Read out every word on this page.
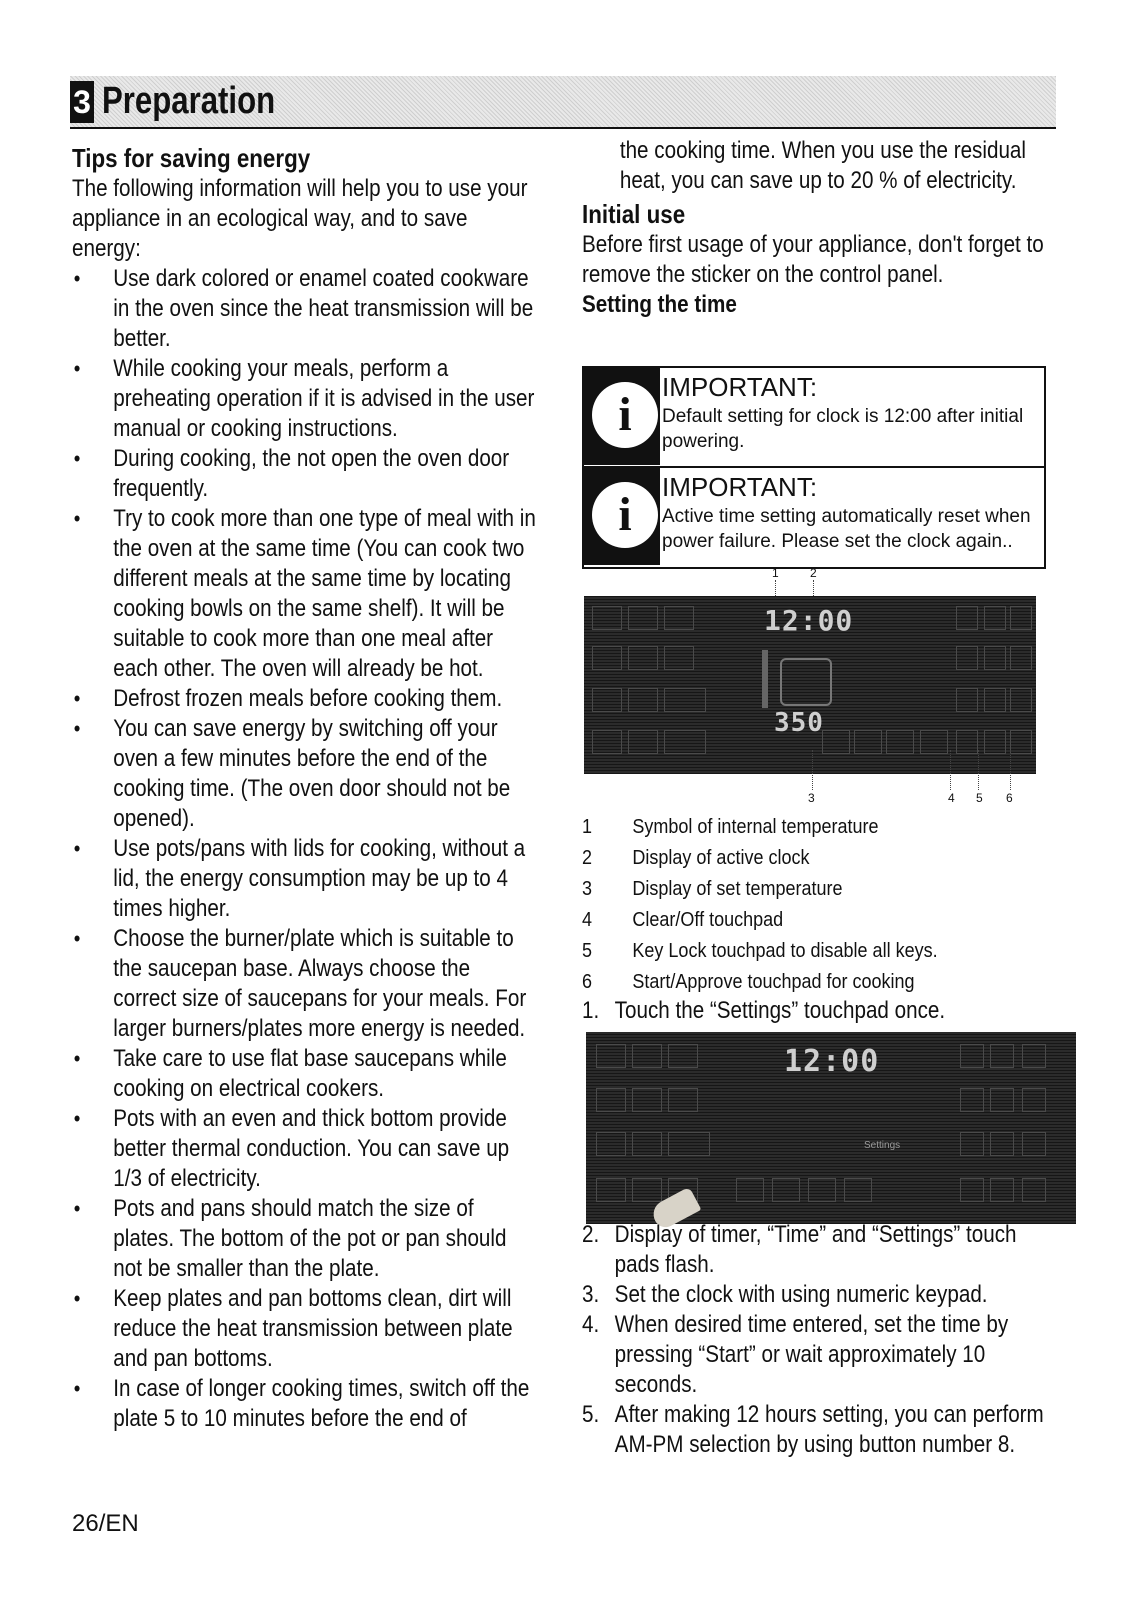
3 Preparation
Tips for saving energy

The following information will help you to use your appliance in an ecological way, and to save energy:

• Use dark colored or enamel coated cookware in the oven since the heat transmission will be better.
• While cooking your meals, perform a preheating operation if it is advised in the user manual or cooking instructions.
• During cooking, the not open the oven door frequently.
• Try to cook more than one type of meal with in the oven at the same time (You can cook two different meals at the same time by locating cooking bowls on the same shelf). It will be suitable to cook more than one meal after each other. The oven will already be hot.
• Defrost frozen meals before cooking them.
• You can save energy by switching off your oven a few minutes before the end of the cooking time. (The oven door should not be opened).
• Use pots/pans with lids for cooking, without a lid, the energy consumption may be up to 4 times higher.
• Choose the burner/plate which is suitable to the saucepan base. Always choose the correct size of saucepans for your meals. For larger burners/plates more energy is needed.
• Take care to use flat base saucepans while cooking on electrical cookers.
• Pots with an even and thick bottom provide better thermal conduction. You can save up 1/3 of electricity.
• Pots and pans should match the size of plates. The bottom of the pot or pan should not be smaller than the plate.
• Keep plates and pan bottoms clean, dirt will reduce the heat transmission between plate and pan bottoms.
• In case of longer cooking times, switch off the plate 5 to 10 minutes before the end of

the cooking time. When you use the residual heat, you can save up to 20 % of electricity.

Initial use

Before first usage of your appliance, don't forget to remove the sticker on the control panel.

Setting the time
i
IMPORTANT:
Default setting for clock is 12:00 after initial powering.
i
IMPORTANT:
Active time setting automatically reset when power failure. Please set the clock again..
1	2
12:00
350
3	4 5 6
1 Symbol of internal temperature
2 Display of active clock
3 Display of set temperature
4 Clear/Off touchpad
5 Key Lock touchpad to disable all keys.
6 Start/Approve touchpad for cooking
1. Touch the “Settings” touchpad once.
12:00
Settings
2. Display of timer, “Time” and “Settings” touch pads flash.
3. Set the clock with using numeric keypad.
4. When desired time entered, set the time by pressing “Start” or wait approximately 10 seconds.
5. After making 12 hours setting, you can perform AM-PM selection by using button number 8.
26/EN
